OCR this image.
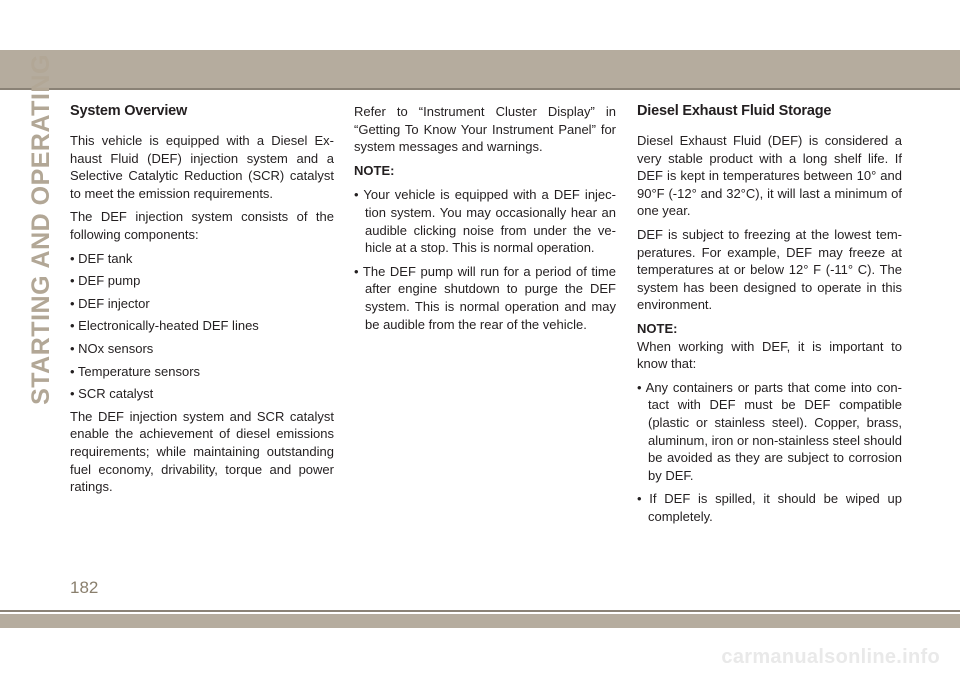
STARTING AND OPERATING System Overview

This vehicle is equipped with a Diesel Ex- haust Fluid (DEF) injection system and a Selective Catalytic Reduction (SCR) catalyst to meet the emission requirements.

The DEF injection system consists of the following components:

• DEF tank
• DEF pump
• DEF injector
• Electronically-heated DEF lines
• NOx sensors
• Temperature sensors
• SCR catalyst

The DEF injection system and SCR catalyst enable the achievement of diesel emissions requirements; while maintaining outstanding fuel economy, drivability, torque and power ratings.

Refer to “Instrument Cluster Display” in “Getting To Know Your Instrument Panel” for system messages and warnings.

NOTE:

• Your vehicle is equipped with a DEF injec- tion system. You may occasionally hear an audible clicking noise from under the ve- hicle at a stop. This is normal operation.
• The DEF pump will run for a period of time after engine shutdown to purge the DEF system. This is normal operation and may be audible from the rear of the vehicle.
Diesel Exhaust Fluid Storage

Diesel Exhaust Fluid (DEF) is considered a very stable product with a long shelf life. If DEF is kept in temperatures between 10° and 90°F (-12° and 32°C), it will last a minimum of one year.

DEF is subject to freezing at the lowest tem- peratures. For example, DEF may freeze at temperatures at or below 12° F (-11° C). The system has been designed to operate in this environment.

NOTE:

When working with DEF, it is important to know that:

• Any containers or parts that come into con- tact with DEF must be DEF compatible (plastic or stainless steel). Copper, brass, aluminum, iron or non-stainless steel should be avoided as they are subject to corrosion by DEF.
• If DEF is spilled, it should be wiped up completely.
182
carmanualsonline.info
